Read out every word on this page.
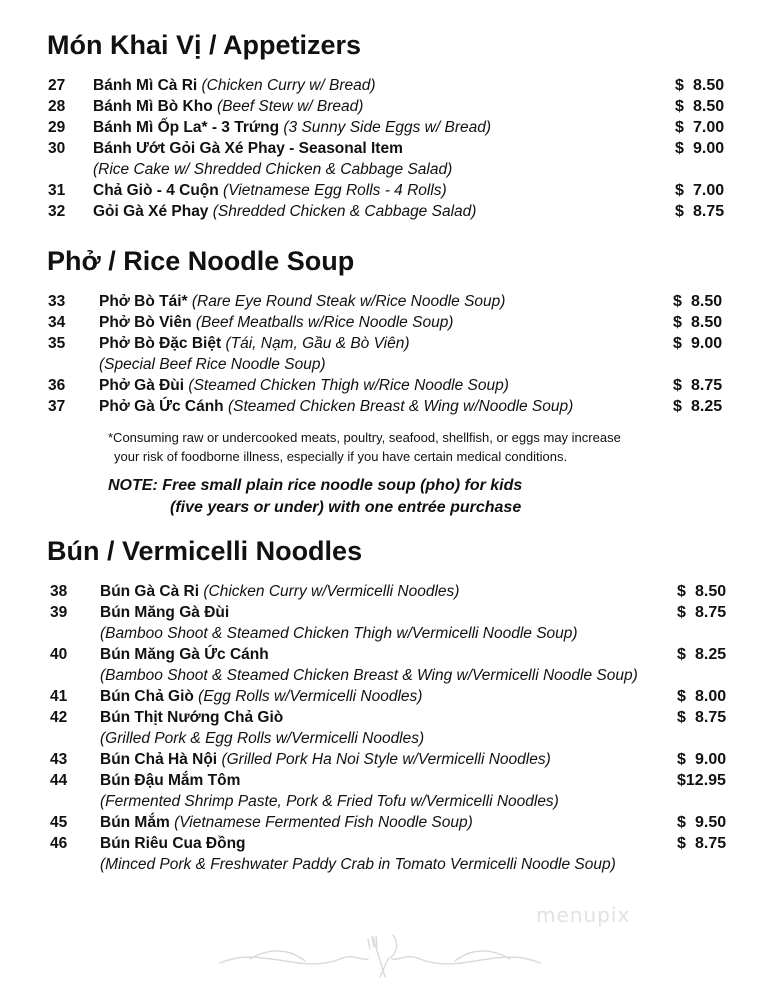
Món Khai Vị / Appetizers
27 Bánh Mì Cà Ri (Chicken Curry w/ Bread)	$ 8.50
28 Bánh Mì Bò Kho (Beef Stew w/ Bread)	$ 8.50
29 Bánh Mì Ốp La* - 3 Trứng (3 Sunny Side Eggs w/ Bread)	$ 7.00
30 Bánh Ướt Gỏi Gà Xé Phay - Seasonal Item	$ 9.00
(Rice Cake w/ Shredded Chicken & Cabbage Salad)
31 Chả Giò - 4 Cuộn (Vietnamese Egg Rolls - 4 Rolls)	$ 7.00
32 Gỏi Gà Xé Phay (Shredded Chicken & Cabbage Salad)	$ 8.75
Phở / Rice Noodle Soup
33 Phở Bò Tái* (Rare Eye Round Steak w/Rice Noodle Soup)	$ 8.50
34 Phở Bò Viên (Beef Meatballs w/Rice Noodle Soup)	$ 8.50
35 Phở Bò Đặc Biệt (Tái, Nạm, Gầu & Bò Viên)	$ 9.00
(Special Beef Rice Noodle Soup)
36 Phở Gà Đùi (Steamed Chicken Thigh w/Rice Noodle Soup)	$ 8.75
37 Phở Gà Ức Cánh (Steamed Chicken Breast & Wing w/Noodle Soup)	$ 8.25
*Consuming raw or undercooked meats, poultry, seafood, shellfish, or eggs may increase
your risk of foodborne illness, especially if you have certain medical conditions.
NOTE: Free small plain rice noodle soup (pho) for kids
(five years or under) with one entrée purchase
Bún / Vermicelli Noodles
38 Bún Gà Cà Ri (Chicken Curry w/Vermicelli Noodles)	$ 8.50
39 Bún Măng Gà Đùi	$ 8.75
(Bamboo Shoot & Steamed Chicken Thigh w/Vermicelli Noodle Soup)
40 Bún Măng Gà Ức Cánh	$ 8.25
(Bamboo Shoot & Steamed Chicken Breast & Wing w/Vermicelli Noodle Soup)
41 Bún Chả Giò (Egg Rolls w/Vermicelli Noodles)	$ 8.00
42 Bún Thịt Nướng Chả Giò	$ 8.75
(Grilled Pork & Egg Rolls w/Vermicelli Noodles)
43 Bún Chả Hà Nội (Grilled Pork Ha Noi Style w/Vermicelli Noodles)	$ 9.00
44 Bún Đậu Mắm Tôm	$12.95
(Fermented Shrimp Paste, Pork & Fried Tofu w/Vermicelli Noodles)
45 Bún Mắm (Vietnamese Fermented Fish Noodle Soup)	$ 9.50
46 Bún Riêu Cua Đồng	$ 8.75
(Minced Pork & Freshwater Paddy Crab in Tomato Vermicelli Noodle Soup)
menupix
